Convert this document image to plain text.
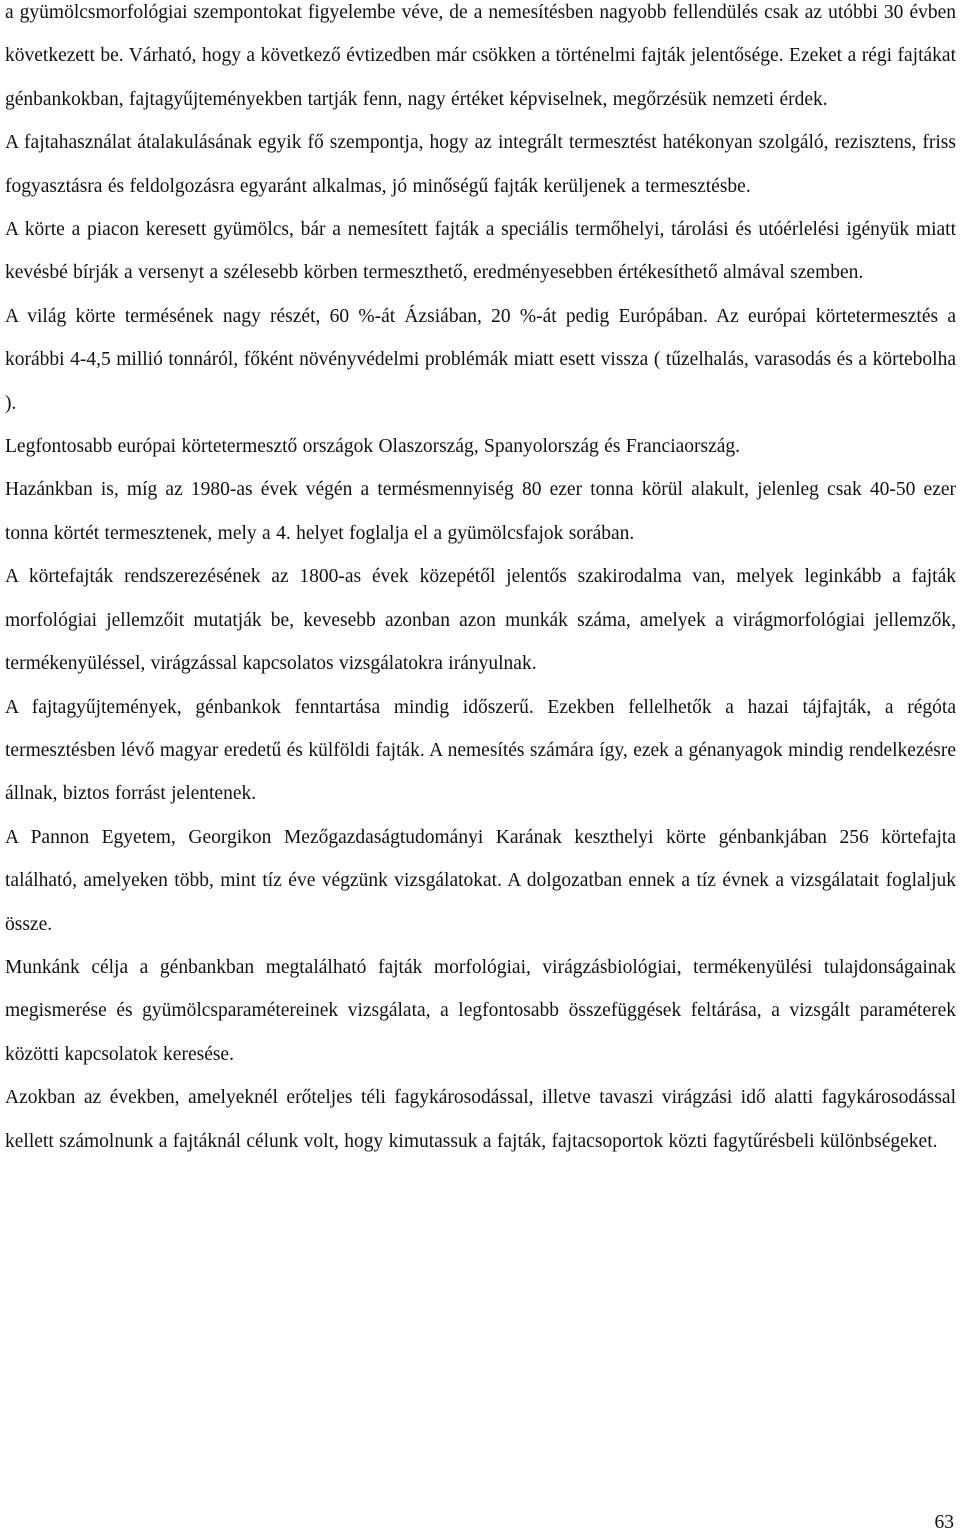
a gyümölcsmorfológiai szempontokat figyelembe véve, de a nemesítésben nagyobb fellendülés csak az utóbbi 30 évben következett be. Várható, hogy a következő évtizedben már csökken a történelmi fajták jelentősége. Ezeket a régi fajtákat génbankokban, fajtagyűjteményekben tartják fenn, nagy értéket képviselnek, megőrzésük nemzeti érdek.

A fajtahasználat átalakulásának egyik fő szempontja, hogy az integrált termesztést hatékonyan szolgáló, rezisztens, friss fogyasztásra és feldolgozásra egyaránt alkalmas, jó minőségű fajták kerüljenek a termesztésbe.

A körte a piacon keresett gyümölcs, bár a nemesített fajták a speciális termőhelyi, tárolási és utóérlelési igényük miatt kevésbé bírják a versenyt a szélesebb körben termeszthető, eredményesebben értékesíthető almával szemben.

A világ körte termésének nagy részét, 60 %-át Ázsiában, 20 %-át pedig Európában. Az európai körtetermesztés a korábbi 4-4,5 millió tonnáról, főként növényvédelmi problémák miatt esett vissza ( tűzelhalás, varasodás és a körtebolha ).

Legfontosabb európai körtetermesztő országok Olaszország, Spanyolország és Franciaország.

Hazánkban is, míg az 1980-as évek végén a termésmennyiség 80 ezer tonna körül alakult, jelenleg csak 40-50 ezer tonna körtét termesztenek, mely a 4. helyet foglalja el a gyümölcsfajok sorában.

A körtefajták rendszerezésének az 1800-as évek közepétől jelentős szakirodalma van, melyek leginkább a fajták morfológiai jellemzőit mutatják be, kevesebb azonban azon munkák száma, amelyek a virágmorfológiai jellemzők, termékenyüléssel, virágzással kapcsolatos vizsgálatokra irányulnak.

A fajtagyűjtemények, génbankok fenntartása mindig időszerű. Ezekben fellelhetők a hazai tájfajták, a régóta termesztésben lévő magyar eredetű és külföldi fajták. A nemesítés számára így, ezek a génanyagok mindig rendelkezésre állnak, biztos forrást jelentenek.

A Pannon Egyetem, Georgikon Mezőgazdaságtudományi Karának keszthelyi körte génbankjában 256 körtefajta található, amelyeken több, mint tíz éve végzünk vizsgálatokat. A dolgozatban ennek a tíz évnek a vizsgálatait foglaljuk össze.

Munkánk célja a génbankban megtalálható fajták morfológiai, virágzásbiológiai, termékenyülési tulajdonságainak megismerése és gyümölcsparamétereinek vizsgálata, a legfontosabb összefüggések feltárása, a vizsgált paraméterek közötti kapcsolatok keresése.

Azokban az években, amelyeknél erőteljes téli fagykárosodással, illetve tavaszi virágzási idő alatti fagykárosodással kellett számolnunk a fajtáknál célunk volt, hogy kimutassuk a fajták, fajtacsoportok közti fagytűrésbeli különbségeket.

63
